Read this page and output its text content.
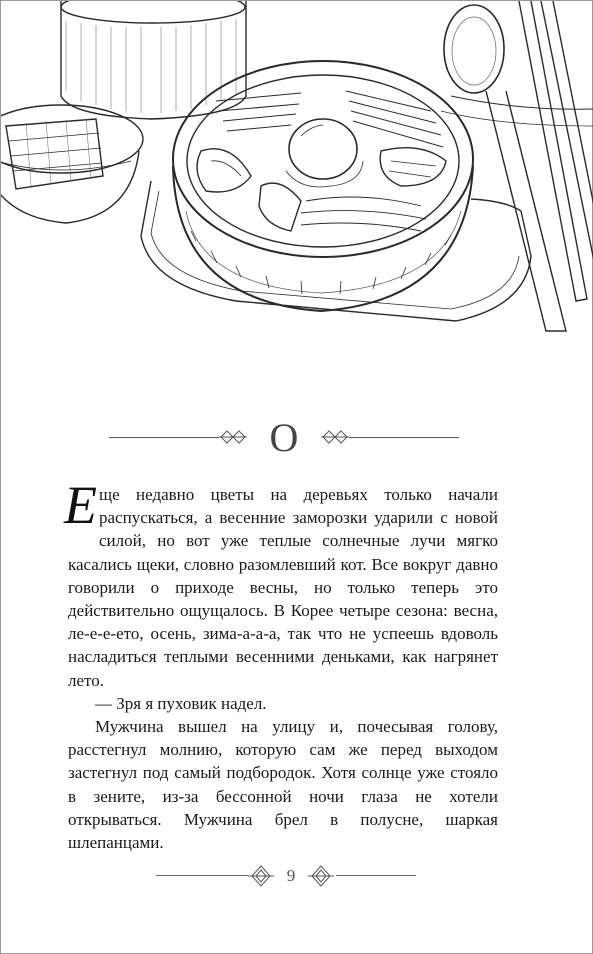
О

Еще недавно цветы на деревьях только начали распускаться, а весенние заморозки ударили с новой силой, но вот уже теплые солнечные лучи мягко касались щеки, словно разомлевший кот. Все вокруг давно говорили о приходе весны, но только теперь это действительно ощущалось. В Корее четыре сезона: весна, ле-е-е-ето, осень, зима-а-а-а, так что не успеешь вдоволь насладиться теплыми весенними деньками, как нагрянет лето.

— Зря я пуховик надел.

Мужчина вышел на улицу и, почесывая голову, расстегнул молнию, которую сам же перед выходом застегнул под самый подбородок. Хотя солнце уже стояло в зените, из-за бессонной ночи глаза не хотели открываться. Мужчина брел в полусне, шаркая шлепанцами.

9
